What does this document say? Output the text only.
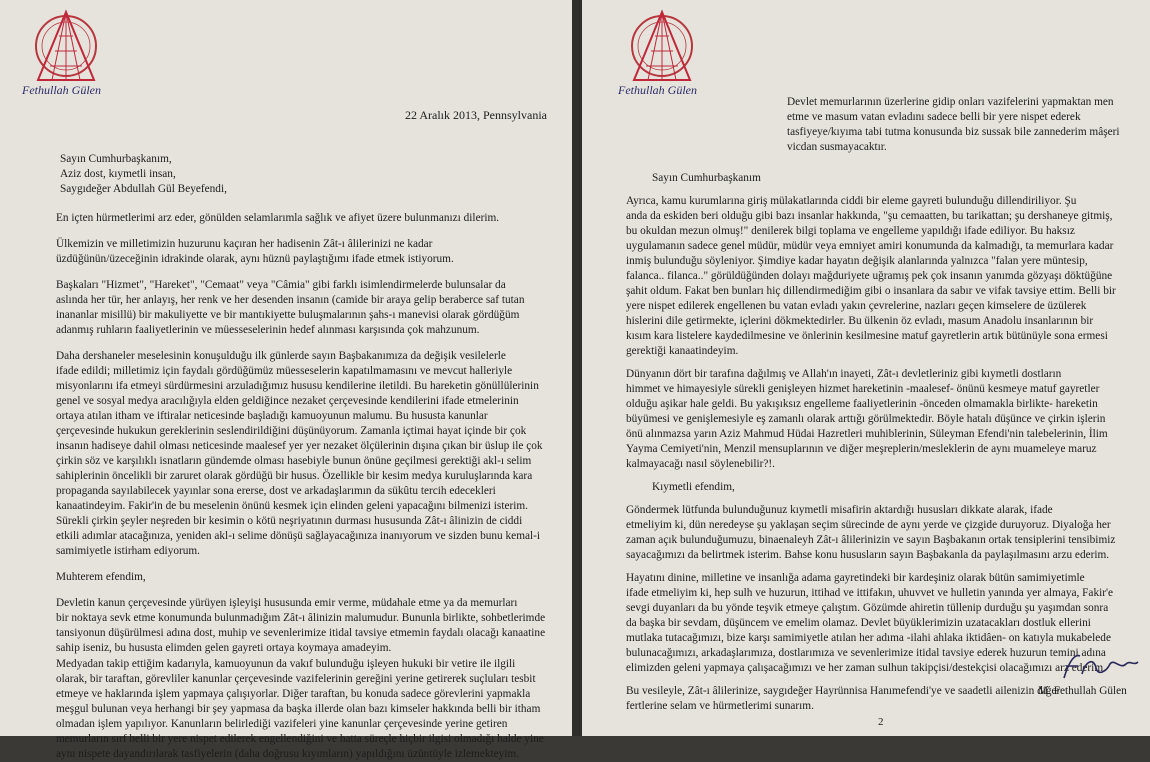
Fethullah Gülen
22 Aralık 2013, Pennsylvania
Sayın Cumhurbaşkanım,
Aziz dost, kıymetli insan,
Saygıdeğer Abdullah Gül Beyefendi,
En içten hürmetlerimi arz eder, gönülden selamlarımla sağlık ve afiyet üzere bulunmanızı dilerim.
Ülkemizin ve milletimizin huzurunu kaçıran her hadisenin Zât-ı âlilerinizi ne kadar
üzdüğünün/üzeceğinin idrakinde olarak, aynı hüznü paylaştığımı ifade etmek istiyorum.
Başkaları "Hizmet", "Hareket", "Cemaat" veya "Câmia" gibi farklı isimlendirmelerde bulunsalar da
aslında her tür, her anlayış, her renk ve her desenden insanın (camide bir araya gelip beraberce saf tutan
inananlar misillü) bir makuliyette ve bir mantıkiyette buluşmalarının şahs-ı manevisi olarak gördüğüm
adanmış ruhların faaliyetlerinin ve müesseselerinin hedef alınması karşısında çok mahzunum.
Daha dershaneler meselesinin konuşulduğu ilk günlerde sayın Başbakanımıza da değişik vesilelerle
ifade edildi; milletimiz için faydalı gördüğümüz müesseselerin kapatılmamasını ve mevcut halleriyle
misyonlarını ifa etmeyi sürdürmesini arzuladığımız hususu kendilerine iletildi. Bu hareketin gönüllülerinin
genel ve sosyal medya aracılığıyla elden geldiğince nezaket çerçevesinde kendilerini ifade etmelerinin
ortaya atılan itham ve iftiralar neticesinde başladığı kamuoyunun malumu. Bu hususta kanunlar
çerçevesinde hukukun gereklerinin seslendirildiğini düşünüyorum. Zamanla içtimai hayat içinde bir çok
insanın hadiseye dahil olması neticesinde maalesef yer yer nezaket ölçülerinin dışına çıkan bir üslup ile çok
çirkin söz ve karşılıklı isnatların gündemde olması hasebiyle bunun önüne geçilmesi gerektiği akl-ı selim
sahiplerinin öncelikli bir zaruret olarak gördüğü bir husus. Özellikle bir kesim medya kuruluşlarında kara
propaganda sayılabilecek yayınlar sona ererse, dost ve arkadaşlarımın da sükûtu tercih edecekleri
kanaatindeyim. Fakir'in de bu meselenin önünü kesmek için elinden geleni yapacağını bilmenizi isterim.
Sürekli çirkin şeyler neşreden bir kesimin o kötü neşriyatının durması hususunda Zât-ı âlinizin de ciddi
etkili adımlar atacağınıza, yeniden akl-ı selime dönüşü sağlayacağınıza inanıyorum ve sizden bunu kemal-i
samimiyetle istirham ediyorum.
Muhterem efendim,
Devletin kanun çerçevesinde yürüyen işleyişi hususunda emir verme, müdahale etme ya da memurları
bir noktaya sevk etme konumunda bulunmadığım Zât-ı âlinizin malumudur. Bununla birlikte, sohbetlerimde
tansiyonun düşürülmesi adına dost, muhip ve sevenlerimize itidal tavsiye etmemin faydalı olacağı kanaatine
sahip iseniz, bu hususta elimden gelen gayreti ortaya koymaya amadeyim.
Medyadan takip ettiğim kadarıyla, kamuoyunun da vakıf bulunduğu işleyen hukuki bir vetire ile ilgili
olarak, bir taraftan, görevliler kanunlar çerçevesinde vazifelerinin gereğini yerine getirerek suçluları tesbit
etmeye ve haklarında işlem yapmaya çalışıyorlar. Diğer taraftan, bu konuda sadece görevlerini yapmakla
meşgul bulunan veya herhangi bir şey yapmasa da başka illerde olan bazı kimseler hakkında belli bir itham
olmadan işlem yapılıyor. Kanunların belirlediği vazifeleri yine kanunlar çerçevesinde yerine getiren
memurların sırf belli bir yere nispet edilerek engellendiğini ve hatta süreçle hiçbir ilgisi olmadığı halde yine
aynı nispete dayandırılarak tasfiyelerin (daha doğrusu kıyımların) yapıldığını üzüntüyle izlemekteyim.
Fethullah Gülen
Devlet memurlarının üzerlerine gidip onları vazifelerini yapmaktan men
etme ve masum vatan evladını sadece belli bir yere nispet ederek
tasfiyeye/kıyıma tabi tutma konusunda biz sussak bile zannederim mâşeri
vicdan susmayacaktır.
Sayın Cumhurbaşkanım
Ayrıca, kamu kurumlarına giriş mülakatlarında ciddi bir eleme gayreti bulunduğu dillendiriliyor. Şu
anda da eskiden beri olduğu gibi bazı insanlar hakkında, "şu cemaatten, bu tarikattan; şu dershaneye gitmiş,
bu okuldan mezun olmuş!" denilerek bilgi toplama ve engelleme yapıldığı ifade ediliyor. Bu haksız
uygulamanın sadece genel müdür, müdür veya emniyet amiri konumunda da kalmadığı, ta memurlara kadar
inmiş bulunduğu söyleniyor. Şimdiye kadar hayatın değişik alanlarında yalnızca "falan yere müntesip,
falanca.. filanca.." görüldüğünden dolayı mağduriyete uğramış pek çok insanın yanımda gözyaşı döktüğüne
şahit oldum. Fakat ben bunları hiç dillendirmediğim gibi o insanlara da sabır ve vifak tavsiye ettim. Belli bir
yere nispet edilerek engellenen bu vatan evladı yakın çevrelerine, nazları geçen kimselere de üzülerek
hislerini dile getirmekte, içlerini dökmektedirler. Bu ülkenin öz evladı, masum Anadolu insanlarının bir
kısım kara listelere kaydedilmesine ve önlerinin kesilmesine matuf gayretlerin artık bütünüyle sona ermesi
gerektiği kanaatindeyim.
Dünyanın dört bir tarafına dağılmış ve Allah'ın inayeti, Zât-ı devletleriniz gibi kıymetli dostların
himmet ve himayesiyle sürekli genişleyen hizmet hareketinin -maalesef- önünü kesmeye matuf gayretler
olduğu aşikar hale geldi. Bu yakışıksız engelleme faaliyetlerinin -önceden olmamakla birlikte- hareketin
büyümesi ve genişlemesiyle eş zamanlı olarak arttığı görülmektedir. Böyle hatalı düşünce ve çirkin işlerin
önü alınmazsa yarın Aziz Mahmud Hüdai Hazretleri muhiblerinin, Süleyman Efendi'nin talebelerinin, İlim
Yayma Cemiyeti'nin, Menzil mensuplarının ve diğer meşreplerin/mesleklerin de aynı muameleye maruz
kalmayacağı nasıl söylenebilir?!.
Kıymetli efendim,
Göndermek lütfunda bulunduğunuz kıymetli misafirin aktardığı hususları dikkate alarak, ifade
etmeliyim ki, dün neredeyse şu yaklaşan seçim sürecinde de aynı yerde ve çizgide duruyoruz. Diyaloğa her
zaman açık bulunduğumuzu, binaenaleyh Zât-ı âlilerinizin ve sayın Başbakanın ortak tensiplerini tensibimiz
sayacağımızı da belirtmek isterim. Bahse konu hususların sayın Başbakanla da paylaşılmasını arzu ederim.
Hayatını dinine, milletine ve insanlığa adama gayretindeki bir kardeşiniz olarak bütün samimiyetimle
ifade etmeliyim ki, hep sulh ve huzurun, ittihad ve ittifakın, uhuvvet ve hulletin yanında yer almaya, Fakir'e
sevgi duyanları da bu yönde teşvik etmeye çalıştım. Gözümde ahiretin tüllenip durduğu şu yaşımdan sonra
da başka bir sevdam, düşüncem ve emelim olamaz. Devlet büyüklerimizin uzatacakları dostluk ellerini
mutlaka tutacağımızı, bize karşı samimiyetle atılan her adıma -ilahi ahlaka iktidâen- on katıyla mukabelede
bulunacağımızı, arkadaşlarımıza, dostlarımıza ve sevenlerimize itidal tavsiye ederek huzurun temini adına
elimizden geleni yapmaya çalışacağımızı ve her zaman sulhun takipçisi/destekçisi olacağımızı arz ederim.
Bu vesileyle, Zât-ı âlilerinize, saygıdeğer Hayrünnisa Hanımefendi'ye ve saadetli ailenizin diğer
fertlerine selam ve hürmetlerimi sunarım.
M. Fethullah Gülen
2
